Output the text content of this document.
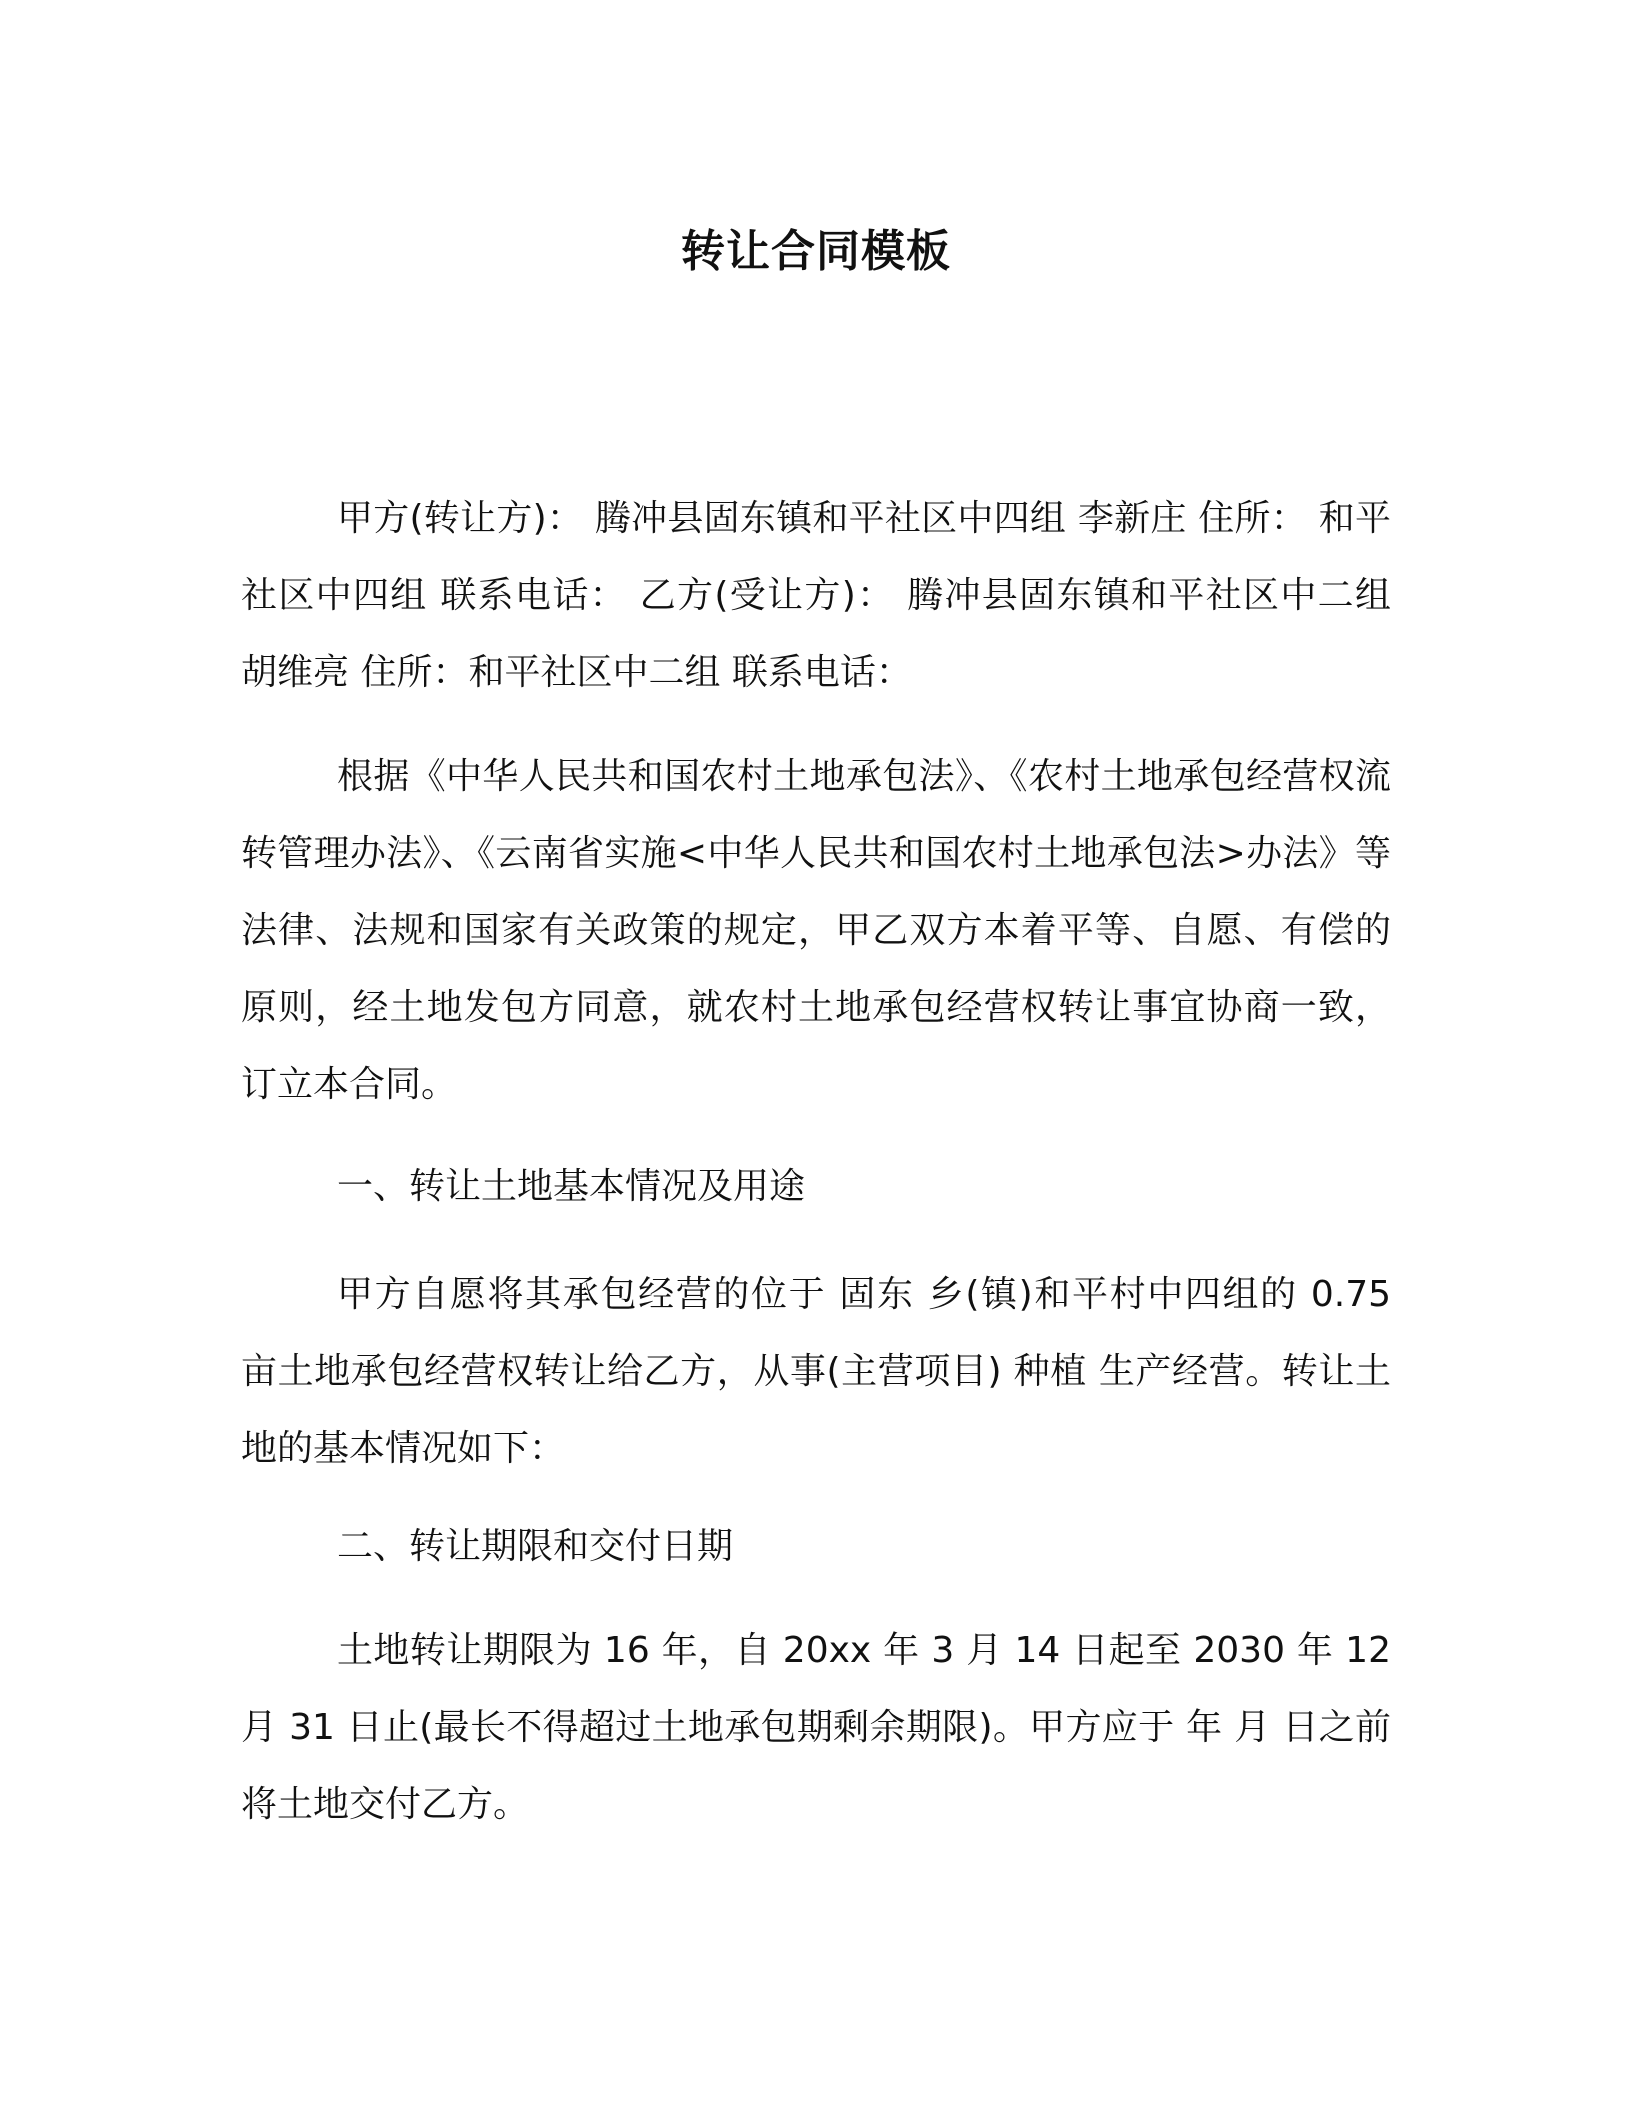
转让合同模板

甲方(转让方)： 腾冲县固东镇和平社区中四组 李新庄 住所： 和平社区中四组 联系电话： 乙方(受让方)： 腾冲县固东镇和平社区中二组 胡维亮 住所：和平社区中二组 联系电话：

根据《中华人民共和国农村土地承包法》、《农村土地承包经营权流转管理办法》、《云南省实施<中华人民共和国农村土地承包法>办法》等法律、法规和国家有关政策的规定，甲乙双方本着平等、自愿、有偿的原则，经土地发包方同意，就农村土地承包经营权转让事宜协商一致，订立本合同。

一、转让土地基本情况及用途

甲方自愿将其承包经营的位于 固东 乡(镇)和平村中四组的 0.75 亩土地承包经营权转让给乙方，从事(主营项目) 种植 生产经营。转让土地的基本情况如下：

二、转让期限和交付日期

土地转让期限为 16 年，自 20xx 年 3 月 14 日起至 2030 年 12 月 31 日止(最长不得超过土地承包期剩余期限)。甲方应于 年 月 日之前将土地交付乙方。
